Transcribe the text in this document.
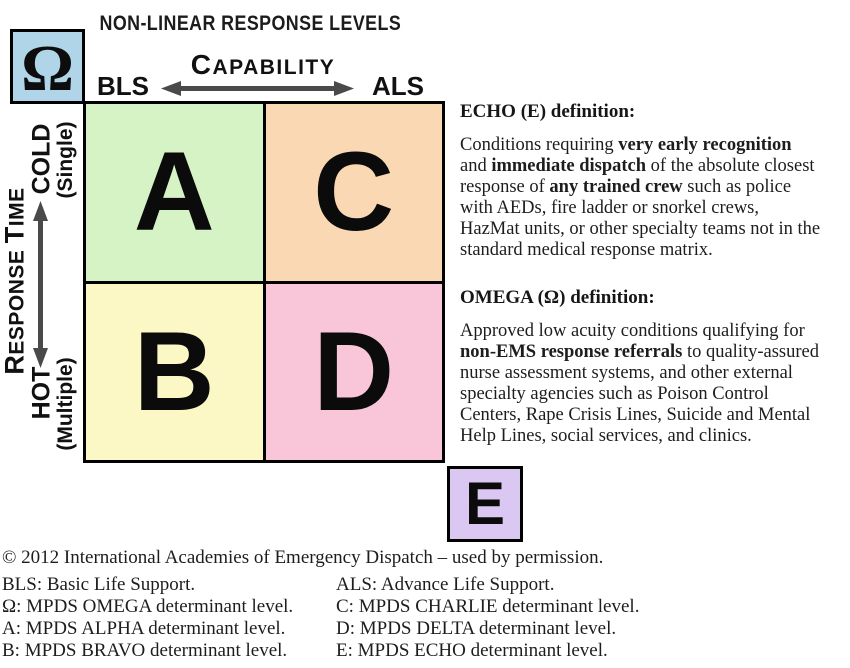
NON-LINEAR RESPONSE LEVELS
Ω	CAPABILITY
BLS	ALS
RESPONSE TIME
COLD
(Single)
HOT
(Multiple)
A C
B D
E
ECHO (E) definition:
Conditions requiring very early recognition
and immediate dispatch of the absolute closest
response of any trained crew such as police
with AEDs, fire ladder or snorkel crews,
HazMat units, or other specialty teams not in the
standard medical response matrix.
OMEGA (Ω) definition:
Approved low acuity conditions qualifying for
non-EMS response referrals to quality-assured
nurse assessment systems, and other external
specialty agencies such as Poison Control
Centers, Rape Crisis Lines, Suicide and Mental
Help Lines, social services, and clinics.
© 2012 International Academies of Emergency Dispatch – used by permission.
BLS: Basic Life Support.
Ω: MPDS OMEGA determinant level.
A: MPDS ALPHA determinant level.
B: MPDS BRAVO determinant level.
ALS: Advance Life Support.
C: MPDS CHARLIE determinant level.
D: MPDS DELTA determinant level.
E: MPDS ECHO determinant level.
